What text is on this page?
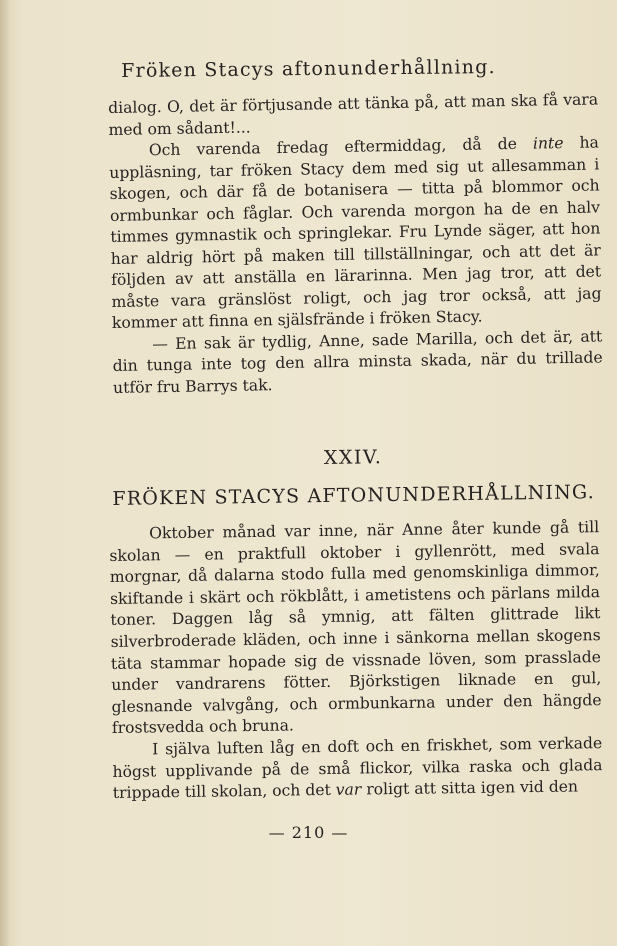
Fröken Stacys aftonunderhållning.

dialog. O, det är förtjusande att tänka på, att man ska få vara med om sådant!...

Och varenda fredag eftermiddag, då de inte ha uppläsning, tar fröken Stacy dem med sig ut allesamman i skogen, och där få de botanisera — titta på blommor och ormbunkar och fåglar. Och varenda morgon ha de en halv timmes gymnastik och springlekar. Fru Lynde säger, att hon har aldrig hört på maken till tillställningar, och att det är följden av att anställa en lärarinna. Men jag tror, att det måste vara gränslöst roligt, och jag tror också, att jag kommer att finna en själsfrände i fröken Stacy.

— En sak är tydlig, Anne, sade Marilla, och det är, att din tunga inte tog den allra minsta skada, när du trillade utför fru Barrys tak.

XXIV.
FRÖKEN STACYS AFTONUNDERHÅLLNING.

Oktober månad var inne, när Anne åter kunde gå till skolan — en praktfull oktober i gyllenrött, med svala morgnar, då dalarna stodo fulla med genomskinliga dimmor, skiftande i skärt och rökblått, i ametistens och pärlans milda toner. Daggen låg så ymnig, att fälten glittrade likt silverbroderade kläden, och inne i sänkorna mellan skogens täta stammar hopade sig de vissnade löven, som prasslade under vandrarens fötter. Björkstigen liknade en gul, glesnande valvgång, och ormbunkarna under den hängde frostsvedda och bruna.

I själva luften låg en doft och en friskhet, som verkade högst upplivande på de små flickor, vilka raska och glada trippade till skolan, och det var roligt att sitta igen vid den

— 210 —
